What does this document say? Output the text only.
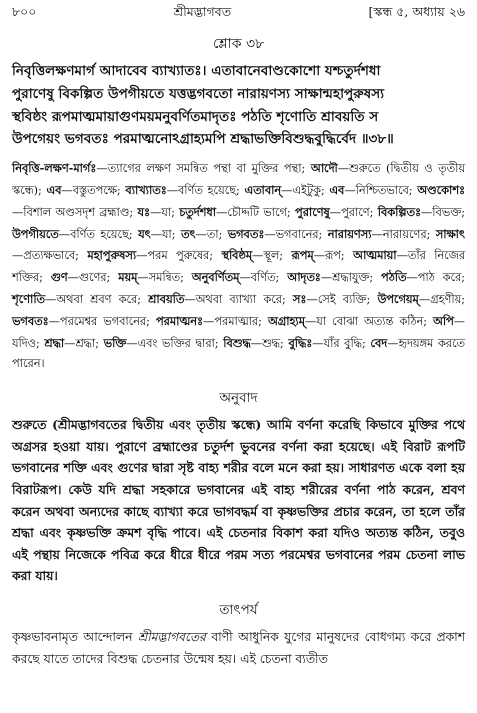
৮০০	শ্রীমদ্ভাগবত	[স্কন্ধ ৫, অধ্যায় ২৬
শ্লোক ৩৮
নিবৃত্তিলক্ষণমার্গ আদাবেব ব্যাখ্যাতঃ। এতাবানেবাণ্ডকোশো যশ্চতুর্দশধা
পুরাণেষু বিকল্পিত উপগীয়তে যত্তদ্ভগবতো নারায়ণস্য সাক্ষান্মহাপুরুষস্য
স্থবিষ্ঠং রূপমাত্মমায়াগুণময়মনুবর্ণিতমাদৃতঃ পঠতি শৃণোতি শ্রাবয়তি স
উপগেয়ং ভগবতঃ পরমাত্মনোঽগ্রাহ্যমপি শ্রদ্ধাভক্তিবিশুদ্ধবুদ্ধির্বেদ ॥৩৮॥
নিবৃত্তি-লক্ষণ-মার্গঃ—ত্যাগের লক্ষণ সমন্বিত পন্থা বা মুক্তির পন্থা; আদৌ—শুরুতে (দ্বিতীয় ও তৃতীয় স্কন্ধে); এব—বস্তুতপক্ষে; ব্যাখ্যাতঃ—বর্ণিত হয়েছে; এতাবান্—এইটুকু; এব—নিশ্চিতভাবে; অণ্ডকোশঃ—বিশাল অণ্ডসদৃশ ব্রহ্মাণ্ড; যঃ—যা; চতুর্দশধা—চৌদ্দটি ভাগে; পুরাণেষু—পুরাণে; বিকল্পিতঃ—বিভক্ত; উপগীয়তে—বর্ণিত হয়েছে; যৎ—যা; তৎ—তা; ভগবতঃ—ভগবানের; নারায়ণস্য—নারায়ণের; সাক্ষাৎ—প্রত্যক্ষভাবে; মহাপুরুষস্য—পরম পুরুষের; স্থবিষ্ঠম্—স্থূল; রূপম্—রূপ; আত্মমায়া—তাঁর নিজের শক্তির; গুণ—গুণের; ময়ম্—সমন্বিত; অনুবর্ণিতম্—বর্ণিত; আদৃতঃ—শ্রদ্ধাযুক্ত; পঠতি—পাঠ করে; শৃণোতি—অথবা শ্রবণ করে; শ্রাবয়তি—অথবা ব্যাখ্যা করে; সঃ—সেই ব্যক্তি; উপগেয়ম্—গ্রহণীয়; ভগবতঃ—পরমেশ্বর ভগবানের; পরমাত্মনঃ—পরমাত্মার; অগ্রাহ্যম্—যা বোঝা অত্যন্ত কঠিন; অপি—যদিও; শ্রদ্ধা—শ্রদ্ধা; ভক্তি—এবং ভক্তির দ্বারা; বিশুদ্ধ—শুদ্ধ; বুদ্ধিঃ—যাঁর বুদ্ধি; বেদ—হৃদয়ঙ্গম করতে পারেন।
অনুবাদ
শুরুতে (শ্রীমদ্ভাগবতের দ্বিতীয় এবং তৃতীয় স্কন্ধে) আমি বর্ণনা করেছি কিভাবে মুক্তির পথে অগ্রসর হওয়া যায়। পুরাণে ব্রহ্মাণ্ডের চতুর্দশ ভুবনের বর্ণনা করা হয়েছে। এই বিরাট রূপটি ভগবানের শক্তি এবং গুণের দ্বারা সৃষ্ট বাহ্য শরীর বলে মনে করা হয়। সাধারণত একে বলা হয় বিরাটরূপ। কেউ যদি শ্রদ্ধা সহকারে ভগবানের এই বাহ্য শরীরের বর্ণনা পাঠ করেন, শ্রবণ করেন অথবা অন্যদের কাছে ব্যাখ্যা করে ভাগবদ্ধর্ম বা কৃষ্ণভক্তির প্রচার করেন, তা হলে তাঁর শ্রদ্ধা এবং কৃষ্ণভক্তি ক্রমশ বৃদ্ধি পাবে। এই চেতনার বিকাশ করা যদিও অত্যন্ত কঠিন, তবুও এই পন্থায় নিজেকে পবিত্র করে ধীরে ধীরে পরম সত্য পরমেশ্বর ভগবানের পরম চেতনা লাভ করা যায়।
তাৎপর্য
কৃষ্ণভাবনামৃত আন্দোলন শ্রীমদ্ভাগবতের বাণী আধুনিক যুগের মানুষদের বোধগম্য করে প্রকাশ করছে যাতে তাদের বিশুদ্ধ চেতনার উন্মেষ হয়। এই চেতনা ব্যতীত
